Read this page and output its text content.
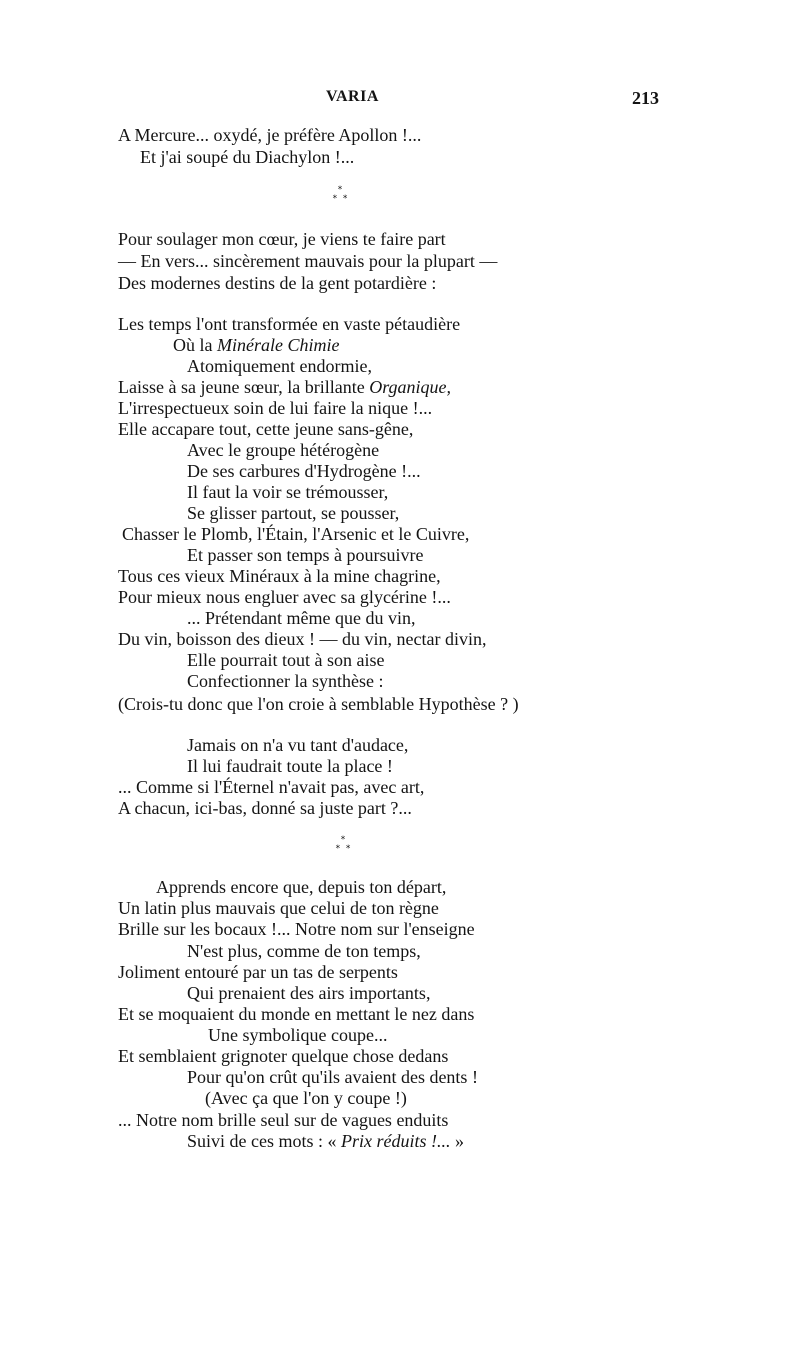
VARIA	213
A Mercure... oxydé, je préfère Apollon !...
Et j'ai soupé du Diachylon !...
*
*  *
Pour soulager mon cœur, je viens te faire part
— En vers... sincèrement mauvais pour la plupart —
Des modernes destins de la gent potardière :
Les temps l'ont transformée en vaste pétaudière
Où la Minérale Chimie
Atomiquement endormie,
Laisse à sa jeune sœur, la brillante Organique,
L'irrespectueux soin de lui faire la nique !...
Elle accapare tout, cette jeune sans-gêne,
Avec le groupe hétérogène
De ses carbures d'Hydrogène !...
Il faut la voir se trémousser,
Se glisser partout, se pousser,
Chasser le Plomb, l'Étain, l'Arsenic et le Cuivre,
Et passer son temps à poursuivre
Tous ces vieux Minéraux à la mine chagrine,
Pour mieux nous engluer avec sa glycérine !...
... Prétendant même que du vin,
Du vin, boisson des dieux ! — du vin, nectar divin,
Elle pourrait tout à son aise
Confectionner la synthèse :
(Crois-tu donc que l'on croie à semblable Hypothèse ? )
Jamais on n'a vu tant d'audace,
Il lui faudrait toute la place !
... Comme si l'Éternel n'avait pas, avec art,
A chacun, ici-bas, donné sa juste part ?...
*
*  *
Apprends encore que, depuis ton départ,
Un latin plus mauvais que celui de ton règne
Brille sur les bocaux !... Notre nom sur l'enseigne
N'est plus, comme de ton temps,
Joliment entouré par un tas de serpents
Qui prenaient des airs importants,
Et se moquaient du monde en mettant le nez dans
Une symbolique coupe...
Et semblaient grignoter quelque chose dedans
Pour qu'on crût qu'ils avaient des dents !
(Avec ça que l'on y coupe !)
... Notre nom brille seul sur de vagues enduits
Suivi de ces mots : « Prix réduits !... »
